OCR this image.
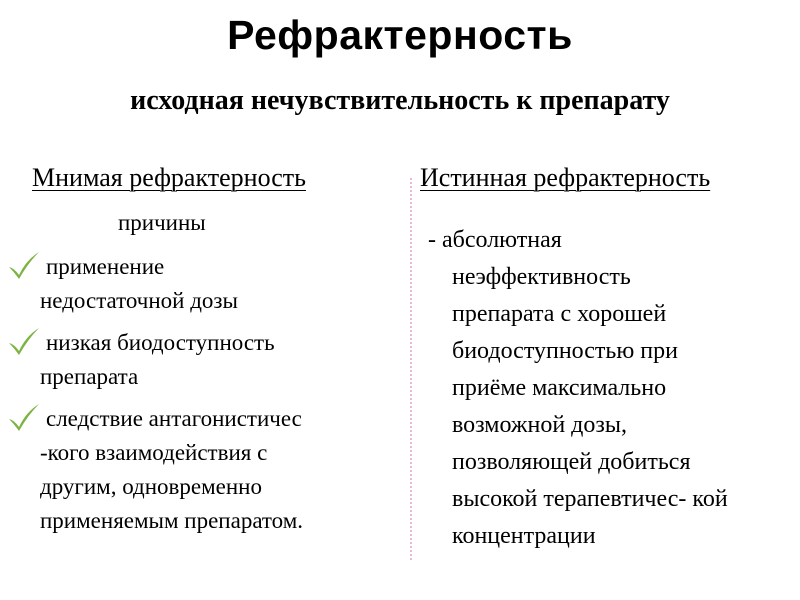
Рефрактерность
исходная нечувствительность к препарату
Мнимая рефрактерность	Истинная рефрактерность
причины
применение
недостаточной дозы
низкая биодоступность
препарата
следствие антагонистичес
-кого взаимодействия с
другим, одновременно
применяемым препаратом.
- абсолютная
неэффективность
препарата с хорошей
биодоступностью при
приёме максимально
возможной дозы,
позволяющей добиться
высокой терапевтичес- кой
концентрации
